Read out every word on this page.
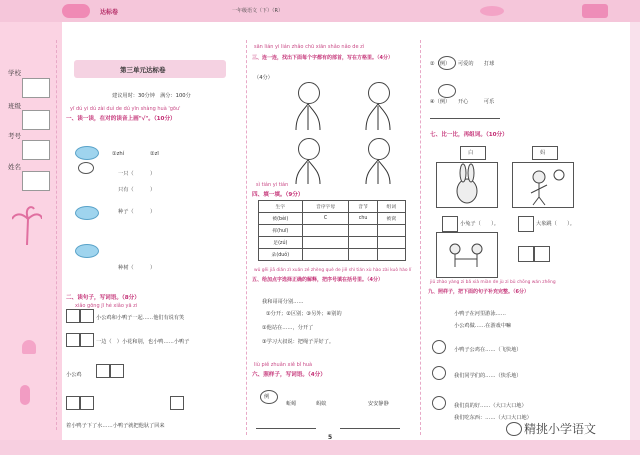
达标卷	一年级语文（下）（R）
学校
班级
考号
姓名
第三单元达标卷
建议用时：30分钟　满分：100分
yī dú yi dú zài duì de dú yīn shàng huà 'gōu'
一、读一读，在对的读音上画"√"。（10分）
①zhí	②zī
一只（	）
只有（	）
种子（	）
种树（	）
二、读句子，写词语。（8分）
xiǎo gōng jī hé xiǎo yā zi
小公鸡和小鸭子一起……他们有说有笑
一边（　）小花和别，也小鸭……小鸭子
小公鸡
着小鸭子下了水……小鸭子就把他驮了回来
sān lián yi lián zhǎo chū xiān shǎo nǎo de zì
三、连一连，找出下面每个字都有的部首，写在方格里。（4分）
（4分）
sì tián yi tián
四、填一填。（9分）
生字	音序字母	音节	组词
被(bèi)	C	chu	被窝
挥(huī)			
足(zú)			
朵(duǒ)			
wǔ gěi jiā diǎn zì xuǎn zé zhèng què de jiě shì tián xù hào zài kuò hào lǐ
五、给加点字选择正确的解释，把序号填在括号里。（4分）
我和哥哥分别……
①分开；②区别；③另外；④别的
①他站在……，分开了
③学习大叔说：把绳子弄好了。
liù piě zhuǎn xiě bǐ huà
六、照样子，写词语。（4分）
例
蚯蚓	蚂蚁	安安静静
5
②（例）　　可爱的　　打球　　
④（例）　　开心　　　可乐
七、比一比，再组词。（10分）
白	妈
小兔子（　　）。	大象跳（　　）。
jiǔ zhào yàng zi bǎ xià miàn de jù zi bǔ chōng wán zhěng
九、照样子，把下面的句子补充完整。（6分）
小鸭子在河里游泳……
小公鸡做……在游戏中嘛
小鸭子公鸡在……（飞快地）
我们同学们的……（快乐地）
我们真的好……（大口大口地）
我们吃东西：……（大口大口地）
精挑小学语文
